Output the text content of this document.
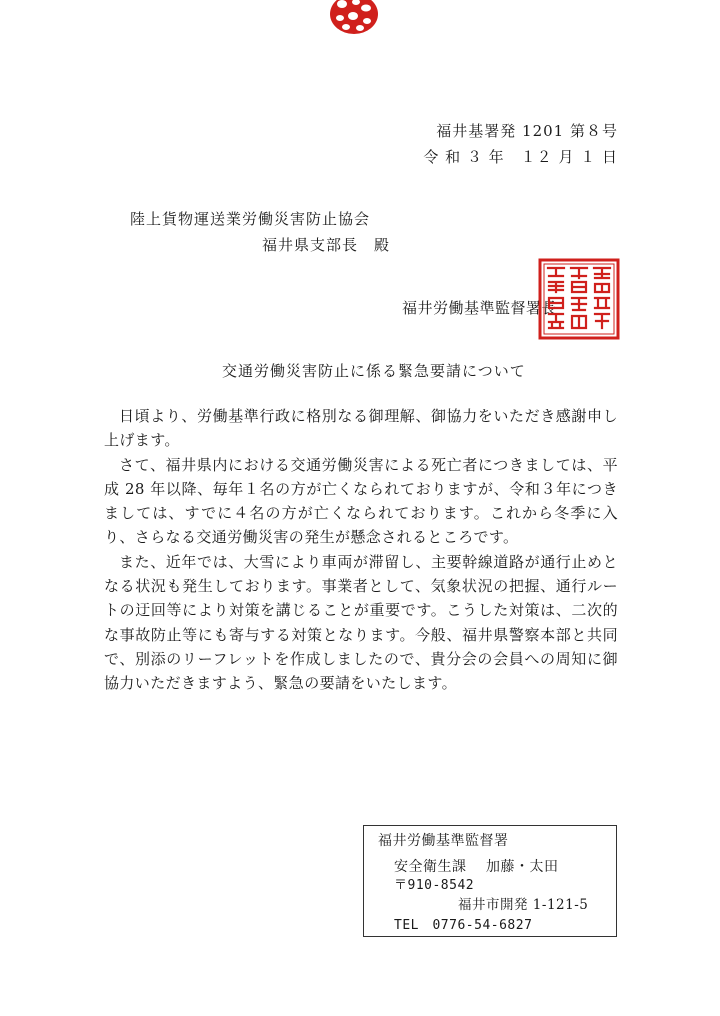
福井基署発 1201 第８号
令 和 ３ 年　１２ 月 １ 日
陸上貨物運送業労働災害防止協会
福井県支部長　殿
福井労働基準監督署長
交通労働災害防止に係る緊急要請について

日頃より、労働基準行政に格別なる御理解、御協力をいただき感謝申し上げます。

さて、福井県内における交通労働災害による死亡者につきましては、平成 28 年以降、毎年１名の方が亡くなられておりますが、令和３年につきましては、すでに４名の方が亡くなられております。これから冬季に入り、さらなる交通労働災害の発生が懸念されるところです。

また、近年では、大雪により車両が滞留し、主要幹線道路が通行止めとなる状況も発生しております。事業者として、気象状況の把握、通行ルートの迂回等により対策を講じることが重要です。こうした対策は、二次的な事故防止等にも寄与する対策となります。今般、福井県警察本部と共同で、別添のリーフレットを作成しましたので、貴分会の会員への周知に御協力いただきますよう、緊急の要請をいたします。

福井労働基準監督署
安全衛生課　 加藤・太田
〒910-8542
福井市開発 1-121-5
TEL　0776-54-6827
